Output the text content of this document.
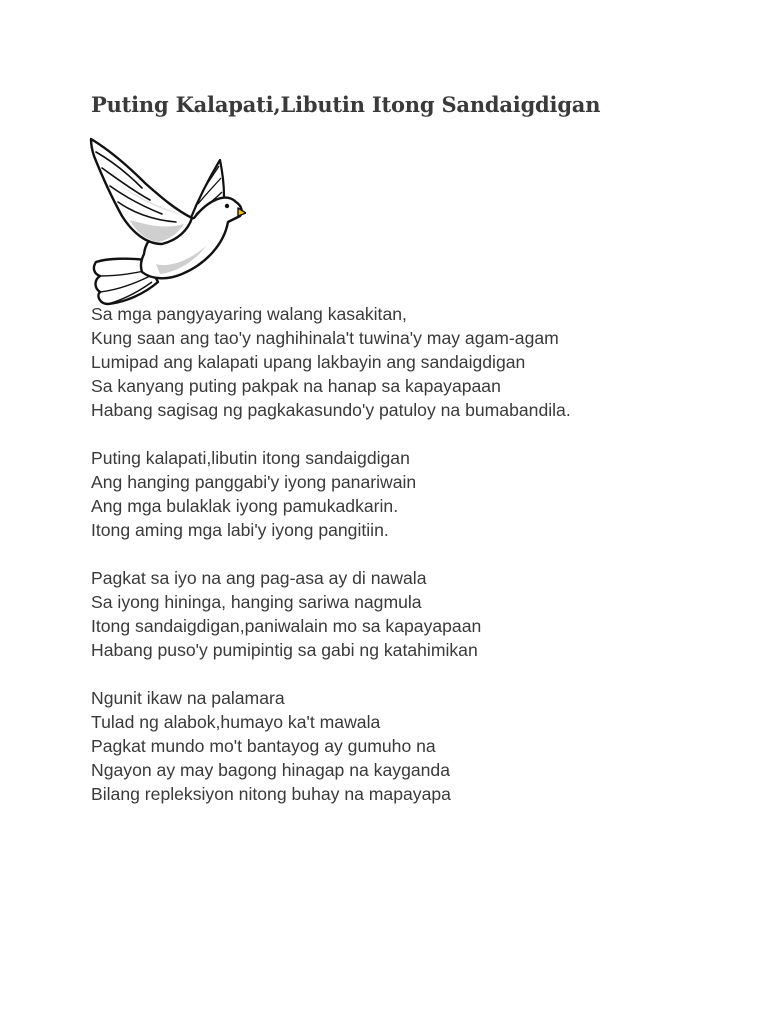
Puting Kalapati,Libutin Itong Sandaigdigan

Sa mga pangyayaring walang kasakitan,
Kung saan ang tao'y naghihinala't tuwina'y may agam-agam
Lumipad ang kalapati upang lakbayin ang sandaigdigan
Sa kanyang puting pakpak na hanap sa kapayapaan
Habang sagisag ng pagkakasundo'y patuloy na bumabandila.

Puting kalapati,libutin itong sandaigdigan
Ang hanging panggabi'y iyong panariwain
Ang mga bulaklak iyong pamukadkarin.
Itong aming mga labi'y iyong pangitiin.

Pagkat sa iyo na ang pag-asa ay di nawala
Sa iyong hininga, hanging sariwa nagmula
Itong sandaigdigan,paniwalain mo sa kapayapaan
Habang puso'y pumipintig sa gabi ng katahimikan

Ngunit ikaw na palamara
Tulad ng alabok,humayo ka't mawala
Pagkat mundo mo't bantayog ay gumuho na
Ngayon ay may bagong hinagap na kayganda
Bilang repleksiyon nitong buhay na mapayapa
